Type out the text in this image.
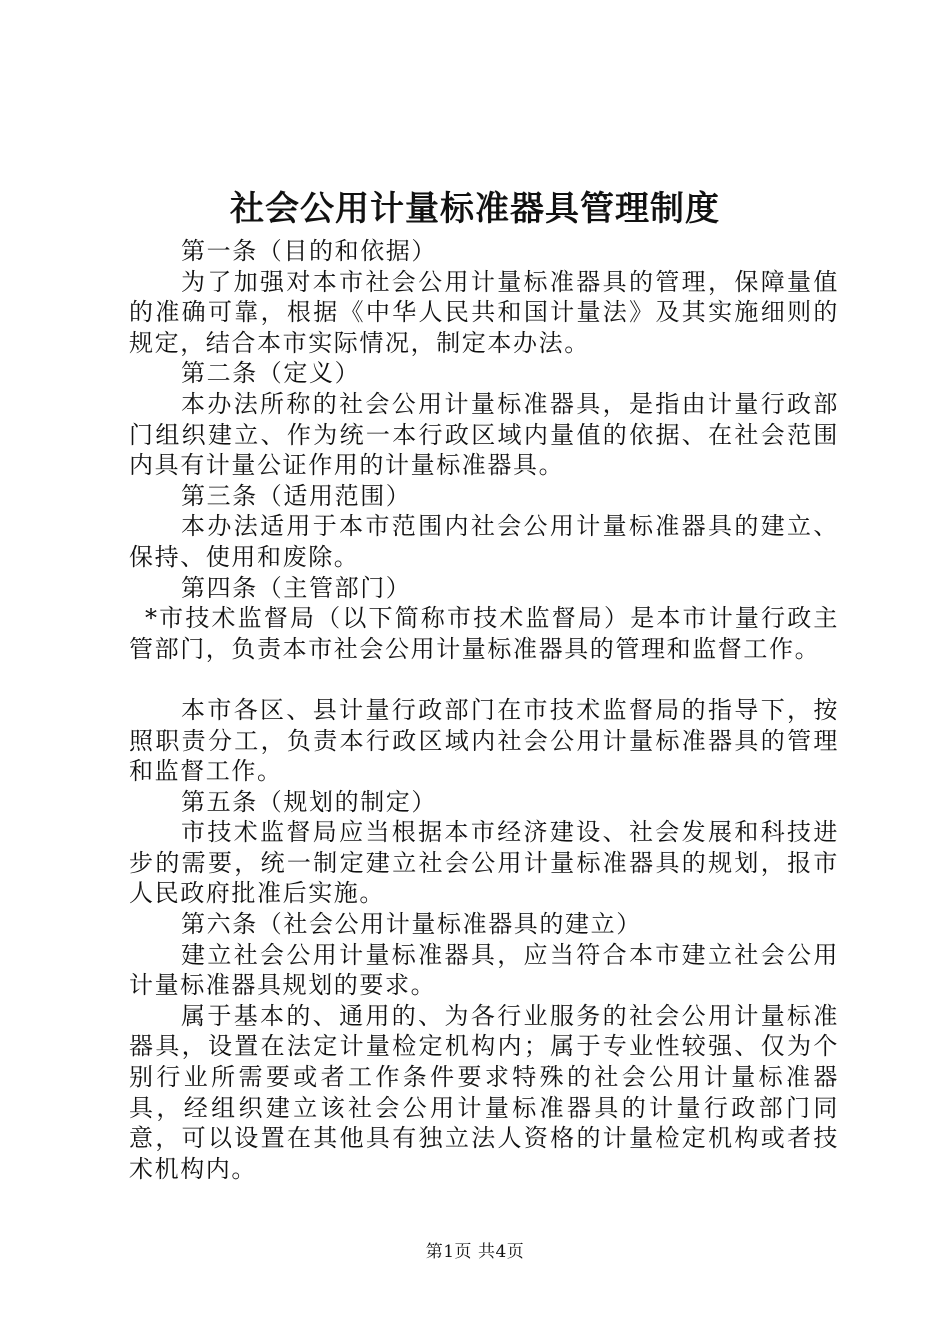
社会公用计量标准器具管理制度

第一条（目的和依据）

为了加强对本市社会公用计量标准器具的管理，保障量值的准确可靠，根据《中华人民共和国计量法》及其实施细则的规定，结合本市实际情况，制定本办法。

第二条（定义）

本办法所称的社会公用计量标准器具，是指由计量行政部门组织建立、作为统一本行政区域内量值的依据、在社会范围内具有计量公证作用的计量标准器具。

第三条（适用范围）

本办法适用于本市范围内社会公用计量标准器具的建立、保持、使用和废除。

第四条（主管部门）

*市技术监督局（以下简称市技术监督局）是本市计量行政主管部门，负责本市社会公用计量标准器具的管理和监督工作。

本市各区、县计量行政部门在市技术监督局的指导下，按照职责分工，负责本行政区域内社会公用计量标准器具的管理和监督工作。

第五条（规划的制定）

市技术监督局应当根据本市经济建设、社会发展和科技进步的需要，统一制定建立社会公用计量标准器具的规划，报市人民政府批准后实施。

第六条（社会公用计量标准器具的建立）

建立社会公用计量标准器具，应当符合本市建立社会公用计量标准器具规划的要求。

属于基本的、通用的、为各行业服务的社会公用计量标准器具，设置在法定计量检定机构内；属于专业性较强、仅为个别行业所需要或者工作条件要求特殊的社会公用计量标准器具，经组织建立该社会公用计量标准器具的计量行政部门同意，可以设置在其他具有独立法人资格的计量检定机构或者技术机构内。

第1页 共4页
